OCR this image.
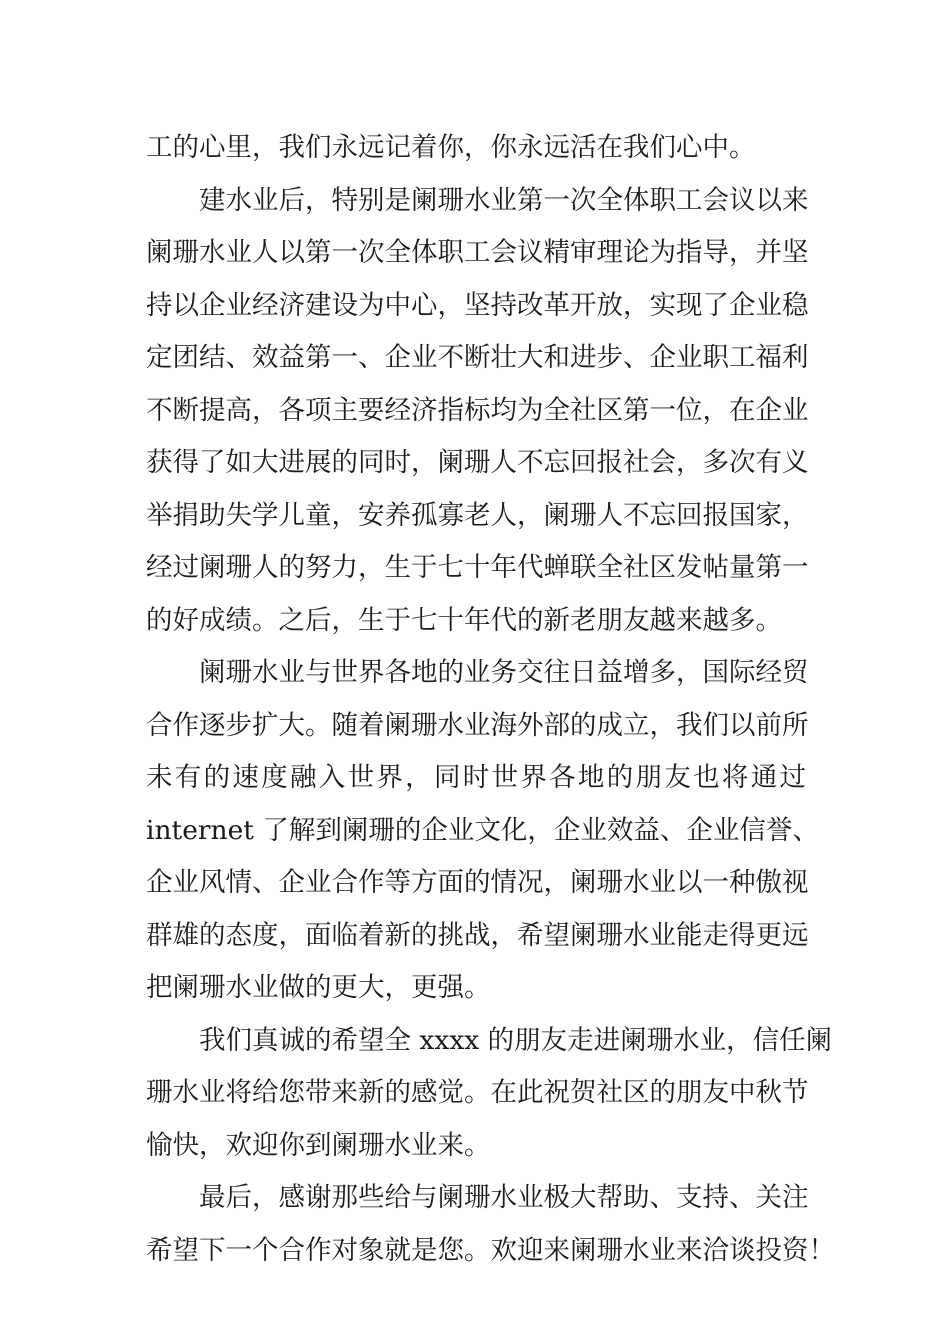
工的心里，我们永远记着你，你永远活在我们心中。
建水业后，特别是阑珊水业第一次全体职工会议以来
阑珊水业人以第一次全体职工会议精审理论为指导，并坚
持以企业经济建设为中心，坚持改革开放，实现了企业稳
定团结、效益第一、企业不断壮大和进步、企业职工福利
不断提高，各项主要经济指标均为全社区第一位，在企业
获得了如大进展的同时，阑珊人不忘回报社会，多次有义
举捐助失学儿童，安养孤寡老人，阑珊人不忘回报国家，
经过阑珊人的努力，生于七十年代蝉联全社区发帖量第一
的好成绩。之后，生于七十年代的新老朋友越来越多。
阑珊水业与世界各地的业务交往日益增多，国际经贸
合作逐步扩大。随着阑珊水业海外部的成立，我们以前所
未有的速度融入世界，同时世界各地的朋友也将通过
internet 了解到阑珊的企业文化，企业效益、企业信誉、
企业风情、企业合作等方面的情况，阑珊水业以一种傲视
群雄的态度，面临着新的挑战，希望阑珊水业能走得更远
把阑珊水业做的更大，更强。
我们真诚的希望全 xxxx 的朋友走进阑珊水业，信任阑
珊水业将给您带来新的感觉。在此祝贺社区的朋友中秋节
愉快，欢迎你到阑珊水业来。
最后，感谢那些给与阑珊水业极大帮助、支持、关注
希望下一个合作对象就是您。欢迎来阑珊水业来洽谈投资！
